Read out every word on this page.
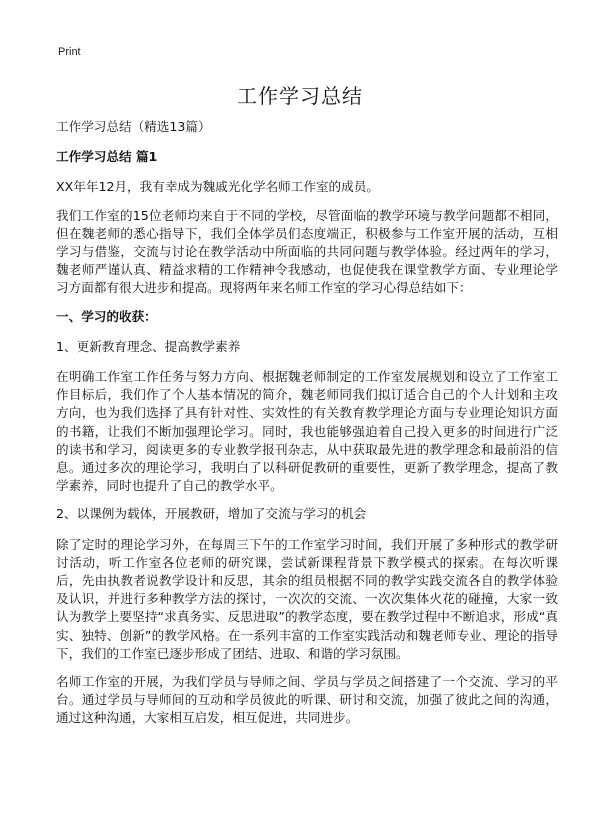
Print
工作学习总结

工作学习总结（精选13篇）

工作学习总结 篇1

XX年年12月，我有幸成为魏戚光化学名师工作室的成员。

我们工作室的15位老师均来自于不同的学校，尽管面临的教学环境与教学问题都不相同，但在魏老师的悉心指导下，我们全体学员们态度端正，积极参与工作室开展的活动，互相学习与借鉴，交流与讨论在教学活动中所面临的共同问题与教学体验。经过两年的学习，魏老师严谨认真、精益求精的工作精神令我感动，也促使我在课堂教学方面、专业理论学习方面都有很大进步和提高。现将两年来名师工作室的学习心得总结如下：

一、学习的收获：

1、更新教育理念、提高教学素养

在明确工作室工作任务与努力方向、根据魏老师制定的工作室发展规划和设立了工作室工作目标后，我们作了个人基本情况的简介，魏老师同我们拟订适合自己的个人计划和主攻方向，也为我们选择了具有针对性、实效性的有关教育教学理论方面与专业理论知识方面的书籍，让我们不断加强理论学习。同时，我也能够强迫着自己投入更多的时间进行广泛的读书和学习，阅读更多的专业教学报刊杂志，从中获取最先进的教学理念和最前沿的信息。通过多次的理论学习，我明白了以科研促教研的重要性，更新了教学理念，提高了教学素养，同时也提升了自己的教学水平。

2、以课例为载体，开展教研，增加了交流与学习的机会

除了定时的理论学习外，在每周三下午的工作室学习时间，我们开展了多种形式的教学研讨活动，听工作室各位老师的研究课，尝试新课程背景下教学模式的探索。在每次听课后，先由执教者说教学设计和反思，其余的组员根据不同的教学实践交流各自的教学体验及认识，并进行多种教学方法的探讨，一次次的交流、一次次集体火花的碰撞，大家一致认为教学上要坚持“求真务实、反思进取”的教学态度，要在教学过程中不断追求，形成“真实、独特、创新”的教学风格。在一系列丰富的工作室实践活动和魏老师专业、理论的指导下，我们的工作室已逐步形成了团结、进取、和谐的学习氛围。

名师工作室的开展，为我们学员与导师之间、学员与学员之间搭建了一个交流、学习的平台。通过学员与导师间的互动和学员彼此的听课、研讨和交流，加强了彼此之间的沟通，通过这种沟通，大家相互启发，相互促进，共同进步。
